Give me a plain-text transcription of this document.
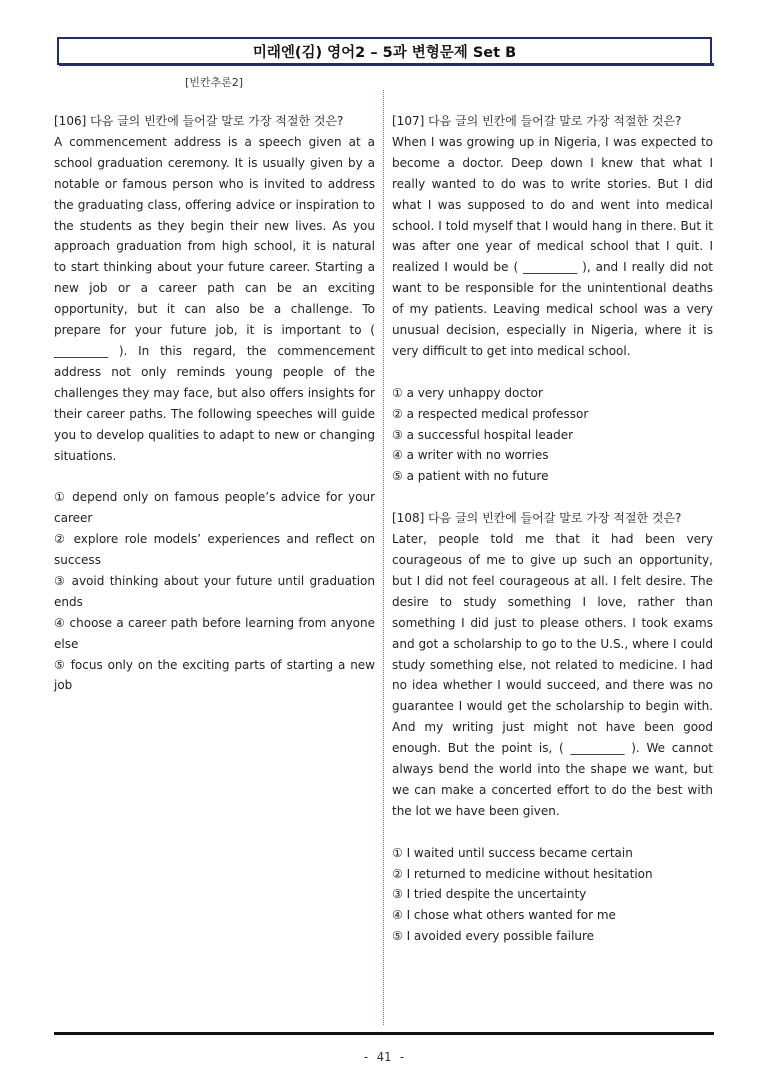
미래엔(김) 영어2 – 5과 변형문제 Set B
[빈칸추론2]

[106] 다음 글의 빈칸에 들어갈 말로 가장 적절한 것은?

A commencement address is a speech given at a school graduation ceremony. It is usually given by a notable or famous person who is invited to address the graduating class, offering advice or inspiration to the students as they begin their new lives. As you approach graduation from high school, it is natural to start thinking about your future career. Starting a new job or a career path can be an exciting opportunity, but it can also be a challenge. To prepare for your future job, it is important to ( _________ ). In this regard, the commencement address not only reminds young people of the challenges they may face, but also offers insights for their career paths. The following speeches will guide you to develop qualities to adapt to new or changing situations.

① depend only on famous people’s advice for your career

② explore role models’ experiences and reflect on success

③ avoid thinking about your future until graduation ends

④ choose a career path before learning from anyone else

⑤ focus only on the exciting parts of starting a new job

[107] 다음 글의 빈칸에 들어갈 말로 가장 적절한 것은?

When I was growing up in Nigeria, I was expected to become a doctor. Deep down I knew that what I really wanted to do was to write stories. But I did what I was supposed to do and went into medical school. I told myself that I would hang in there. But it was after one year of medical school that I quit. I realized I would be ( _________ ), and I really did not want to be responsible for the unintentional deaths of my patients. Leaving medical school was a very unusual decision, especially in Nigeria, where it is very difficult to get into medical school.

① a very unhappy doctor

② a respected medical professor

③ a successful hospital leader

④ a writer with no worries

⑤ a patient with no future

[108] 다음 글의 빈칸에 들어갈 말로 가장 적절한 것은?

Later, people told me that it had been very courageous of me to give up such an opportunity, but I did not feel courageous at all. I felt desire. The desire to study something I love, rather than something I did just to please others. I took exams and got a scholarship to go to the U.S., where I could study something else, not related to medicine. I had no idea whether I would succeed, and there was no guarantee I would get the scholarship to begin with. And my writing just might not have been good enough. But the point is, ( _________ ). We cannot always bend the world into the shape we want, but we can make a concerted effort to do the best with the lot we have been given.

① I waited until success became certain

② I returned to medicine without hesitation

③ I tried despite the uncertainty

④ I chose what others wanted for me

⑤ I avoided every possible failure

- 41 -
